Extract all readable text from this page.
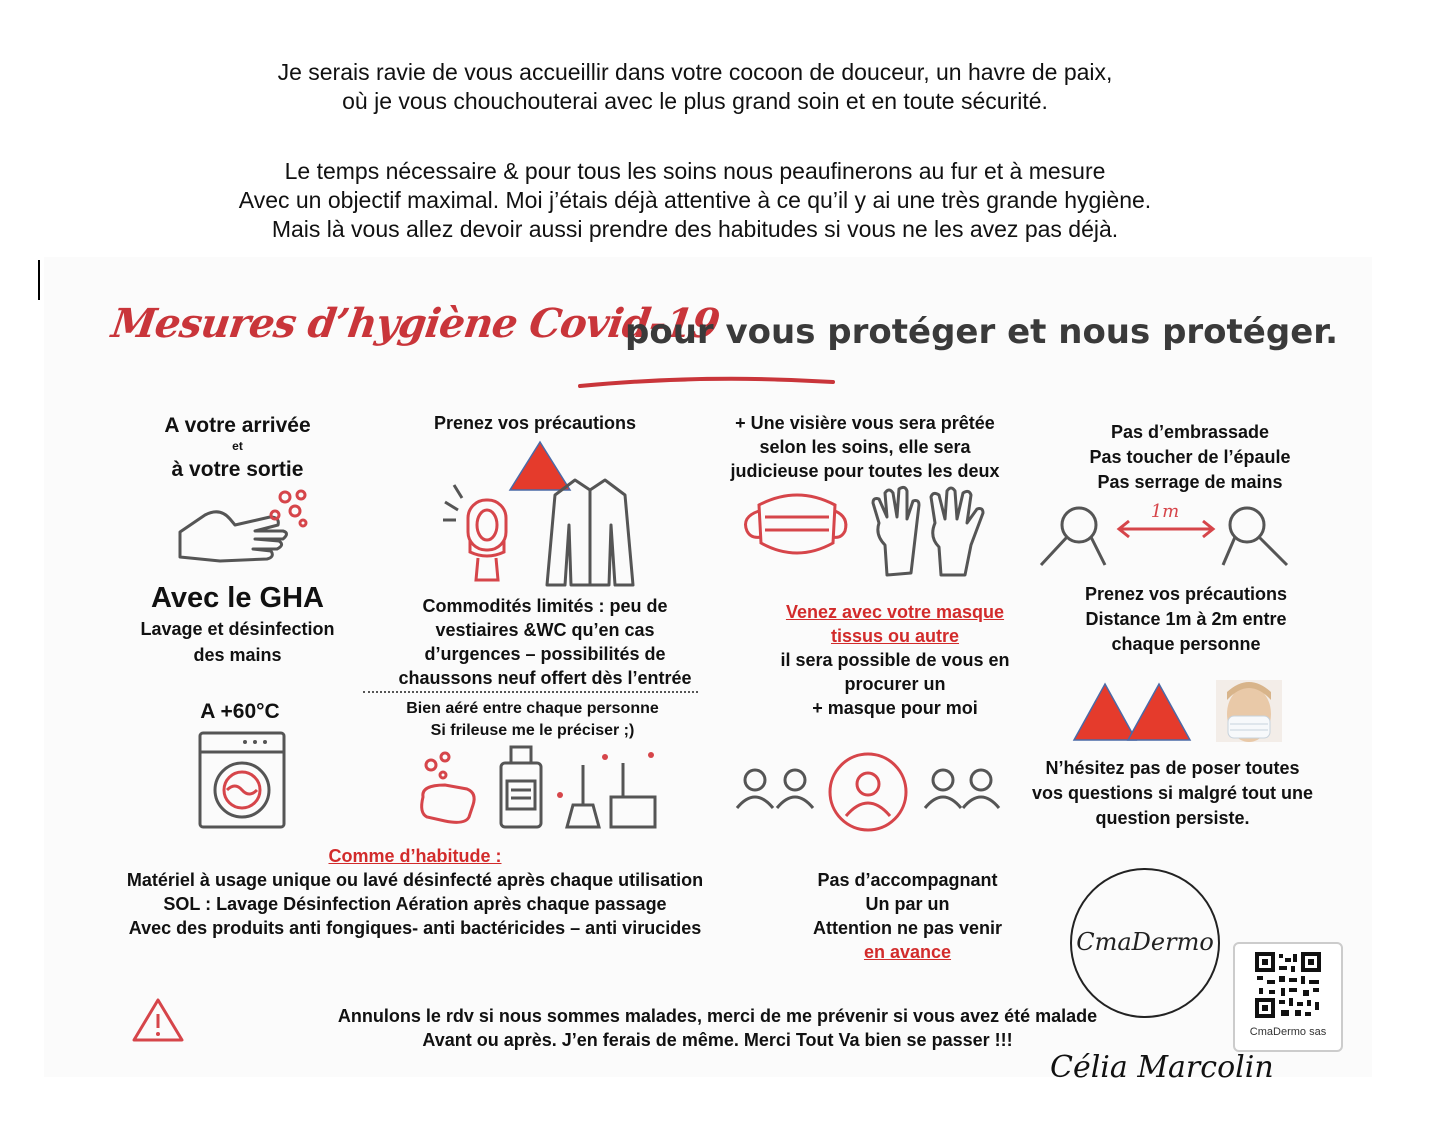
Je serais ravie de vous accueillir dans votre cocoon de douceur, un havre de paix,

où je vous chouchouterai avec le plus grand soin et en toute sécurité.

Le temps nécessaire & pour tous les soins nous peaufinerons au fur et à mesure

Avec un objectif maximal. Moi j’étais déjà attentive à ce qu’il y ai une très grande hygiène.

Mais là vous allez devoir aussi prendre des habitudes si vous ne les avez pas déjà.

Mesures d’hygiène Covid-19
pour vous protéger et nous protéger.

A votre arrivée

et

à votre sortie

Avec le GHA

Lavage et désinfection

des mains

A +60°C
Prenez vos précautions

Commodités limités : peu de

vestiaires &WC qu’en cas

d’urgences – possibilités de

chaussons neuf offert dès l’entrée

Bien aéré entre chaque personne

Si frileuse me le préciser ;)

+ Une visière vous sera prêtée

selon les soins, elle sera

judicieuse pour toutes les deux

Venez avec votre masque

tissus ou autre

il sera possible de vous en

procurer un

+ masque pour moi

Pas d’embrassade

Pas toucher de l’épaule

Pas serrage de mains

1m

Prenez vos précautions

Distance 1m à 2m entre

chaque personne

N’hésitez pas de poser toutes

vos questions si malgré tout une

question persiste.

Comme d’habitude :

Matériel à usage unique ou lavé désinfecté après chaque utilisation

SOL : Lavage Désinfection Aération après chaque passage

Avec des produits anti fongiques- anti bactéricides – anti virucides

Pas d’accompagnant

Un par un

Attention ne pas venir

en avance	CmaDermo
CmaDermo sas

Annulons le rdv si nous sommes malades, merci de me prévenir si vous avez été malade

Avant ou après. J’en ferais de même. Merci Tout Va bien se passer !!!

Célia Marcolin
